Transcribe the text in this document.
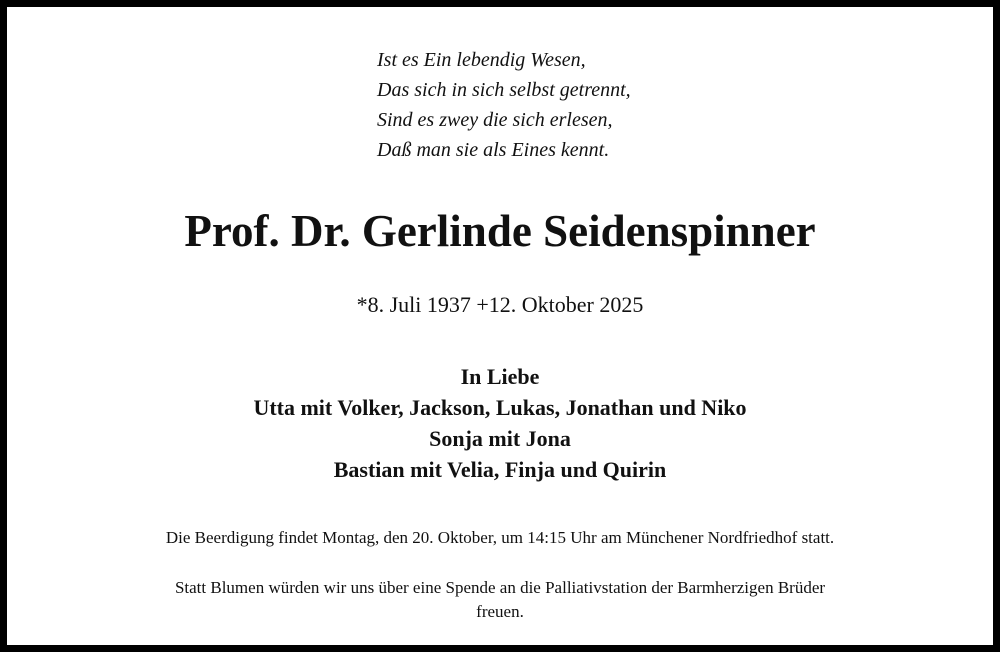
Ist es Ein lebendig Wesen,
Das sich in sich selbst getrennt,
Sind es zwey die sich erlesen,
Daß man sie als Eines kennt.
Prof. Dr. Gerlinde Seidenspinner
*8. Juli 1937 +12. Oktober 2025
In Liebe
Utta mit Volker, Jackson, Lukas, Jonathan und Niko
Sonja mit Jona
Bastian mit Velia, Finja und Quirin
Die Beerdigung findet Montag, den 20. Oktober, um 14:15 Uhr am Münchener Nordfriedhof statt.
Statt Blumen würden wir uns über eine Spende an die Palliativstation der Barmherzigen Brüder
freuen.
